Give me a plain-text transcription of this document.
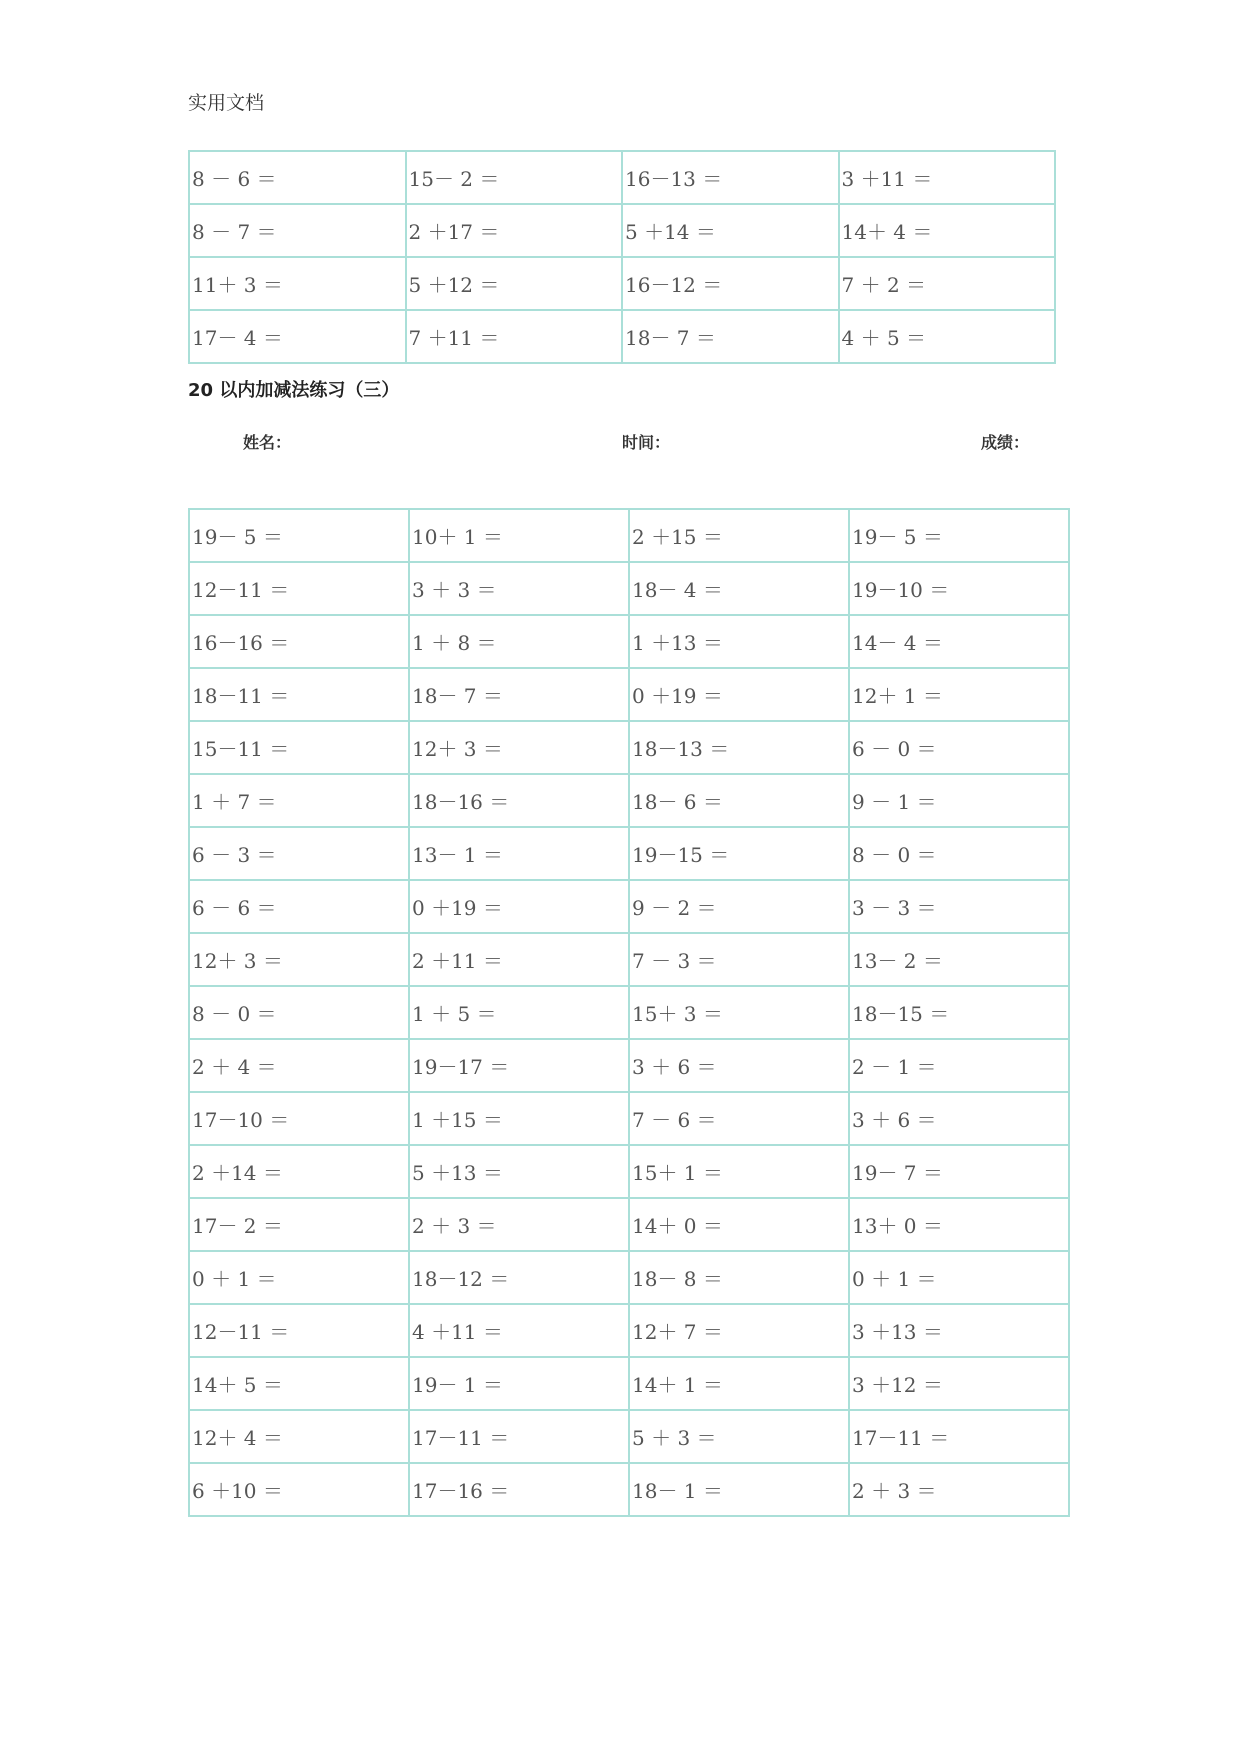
实用文档
8 － 6 ＝	15－ 2 ＝	16－13 ＝	3 ＋11 ＝
8 － 7 ＝	2 ＋17 ＝	5 ＋14 ＝	14＋ 4 ＝
11＋ 3 ＝	5 ＋12 ＝	16－12 ＝	7 ＋ 2 ＝
17－ 4 ＝	7 ＋11 ＝	18－ 7 ＝	4 ＋ 5 ＝
20 以内加减法练习（三）
姓名：	时间：	成绩：
19－ 5 ＝	10＋ 1 ＝	2 ＋15 ＝	19－ 5 ＝
12－11 ＝	3 ＋ 3 ＝	18－ 4 ＝	19－10 ＝
16－16 ＝	1 ＋ 8 ＝	1 ＋13 ＝	14－ 4 ＝
18－11 ＝	18－ 7 ＝	0 ＋19 ＝	12＋ 1 ＝
15－11 ＝	12＋ 3 ＝	18－13 ＝	6 － 0 ＝
1 ＋ 7 ＝	18－16 ＝	18－ 6 ＝	9 － 1 ＝
6 － 3 ＝	13－ 1 ＝	19－15 ＝	8 － 0 ＝
6 － 6 ＝	0 ＋19 ＝	9 － 2 ＝	3 － 3 ＝
12＋ 3 ＝	2 ＋11 ＝	7 － 3 ＝	13－ 2 ＝
8 － 0 ＝	1 ＋ 5 ＝	15＋ 3 ＝	18－15 ＝
2 ＋ 4 ＝	19－17 ＝	3 ＋ 6 ＝	2 － 1 ＝
17－10 ＝	1 ＋15 ＝	7 － 6 ＝	3 ＋ 6 ＝
2 ＋14 ＝	5 ＋13 ＝	15＋ 1 ＝	19－ 7 ＝
17－ 2 ＝	2 ＋ 3 ＝	14＋ 0 ＝	13＋ 0 ＝
0 ＋ 1 ＝	18－12 ＝	18－ 8 ＝	0 ＋ 1 ＝
12－11 ＝	4 ＋11 ＝	12＋ 7 ＝	3 ＋13 ＝
14＋ 5 ＝	19－ 1 ＝	14＋ 1 ＝	3 ＋12 ＝
12＋ 4 ＝	17－11 ＝	5 ＋ 3 ＝	17－11 ＝
6 ＋10 ＝	17－16 ＝	18－ 1 ＝	2 ＋ 3 ＝
